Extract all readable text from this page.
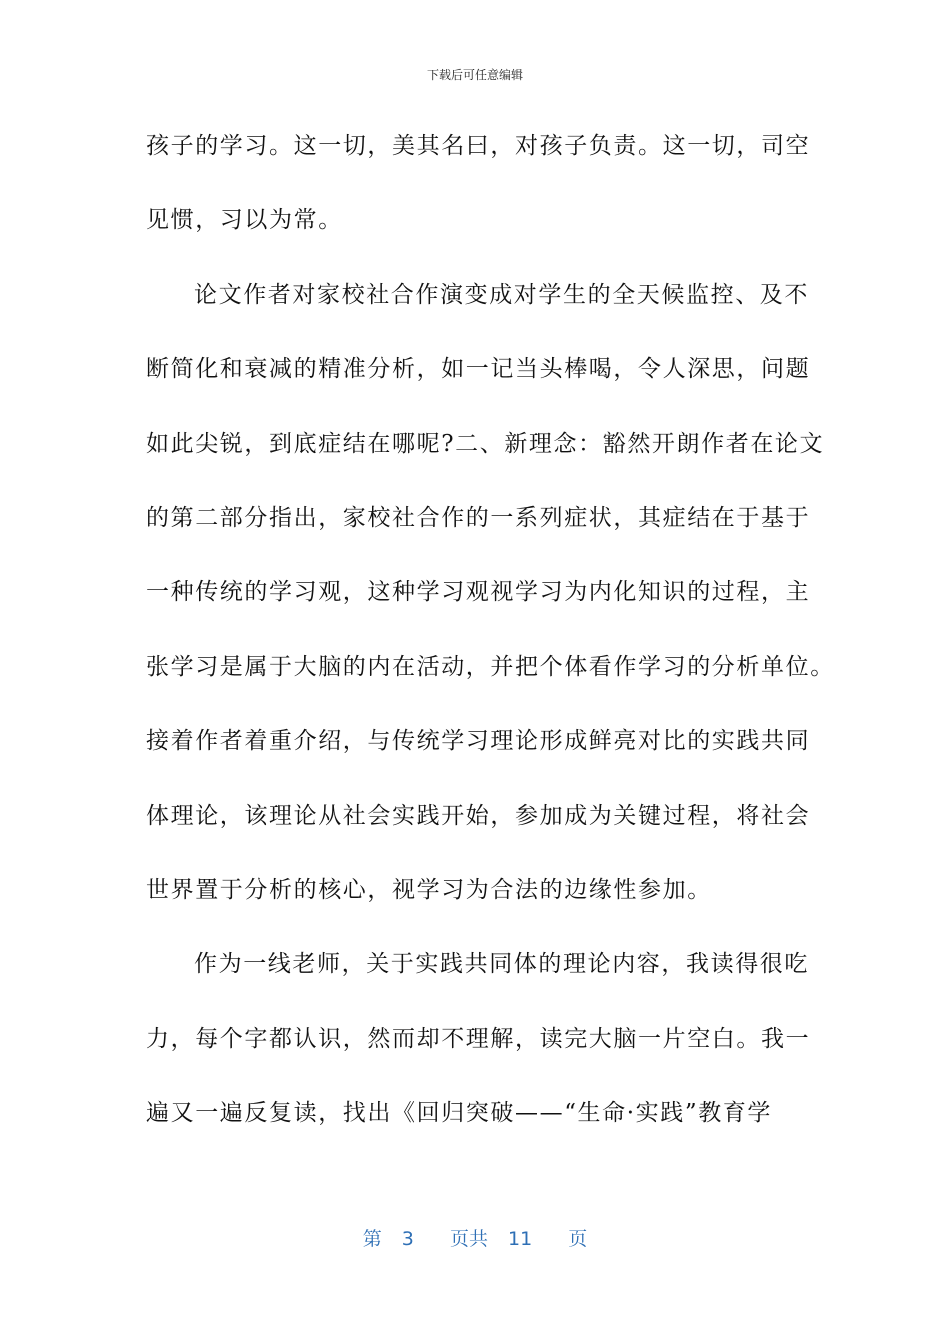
下载后可任意编辑
孩子的学习。这一切，美其名曰，对孩子负责。这一切，司空
见惯，习以为常。
论文作者对家校社合作演变成对学生的全天候监控、及不
断简化和衰减的精准分析，如一记当头棒喝，令人深思，问题
如此尖锐，到底症结在哪呢?二、新理念：豁然开朗作者在论文
的第二部分指出，家校社合作的一系列症状，其症结在于基于
一种传统的学习观，这种学习观视学习为内化知识的过程，主
张学习是属于大脑的内在活动，并把个体看作学习的分析单位。
接着作者着重介绍，与传统学习理论形成鲜亮对比的实践共同
体理论，该理论从社会实践开始，参加成为关键过程，将社会
世界置于分析的核心，视学习为合法的边缘性参加。
作为一线老师，关于实践共同体的理论内容，我读得很吃
力，每个字都认识，然而却不理解，读完大脑一片空白。我一
遍又一遍反复读，找出《回归突破——“生命·实践”教育学
第 3 页共 11 页
